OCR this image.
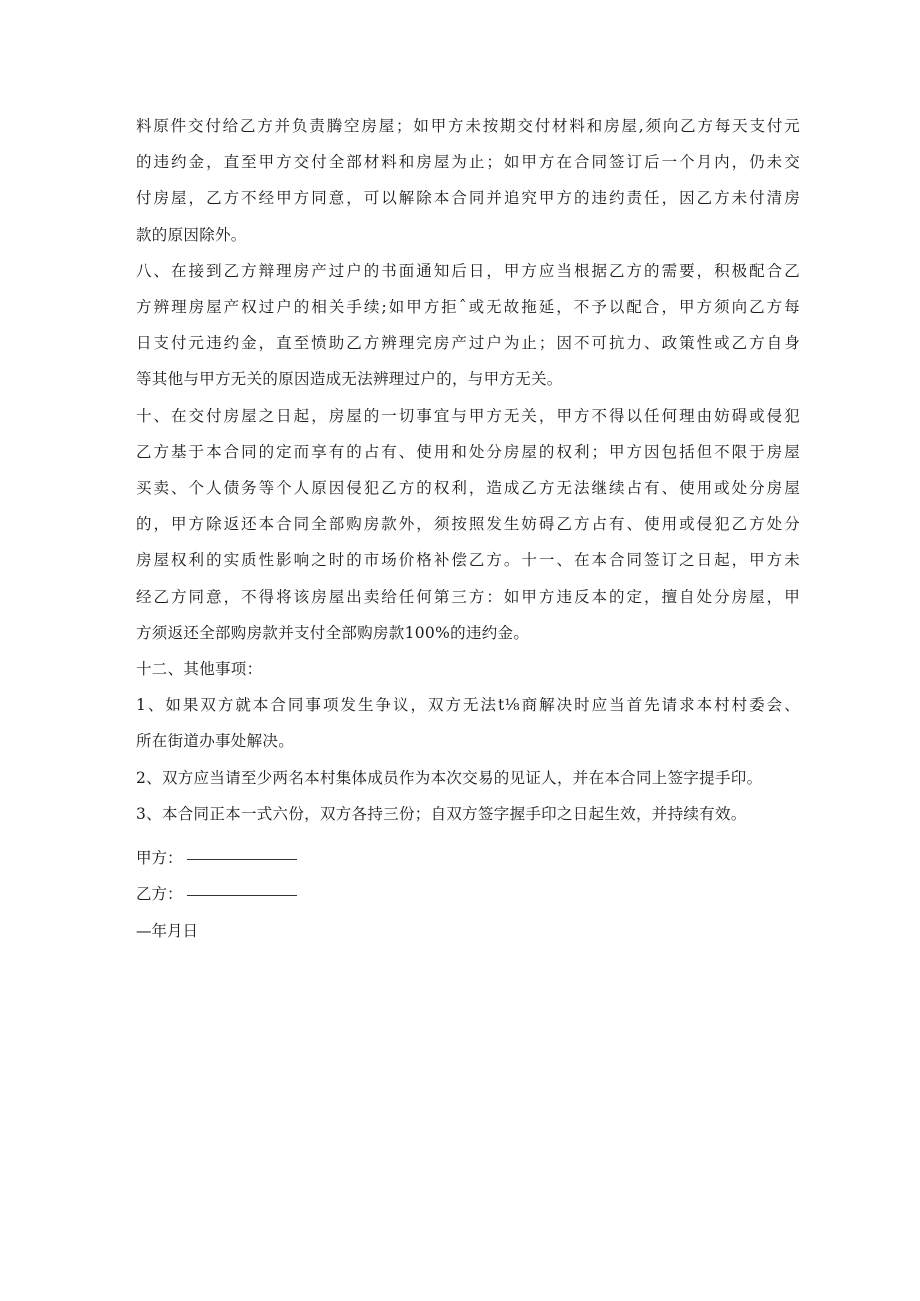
料原件交付给乙方并负责腾空房屋；如甲方未按期交付材料和房屋,须向乙方每天支付元
的违约金，直至甲方交付全部材料和房屋为止；如甲方在合同签订后一个月内，仍未交
付房屋，乙方不经甲方同意，可以解除本合同并追究甲方的违约责任，因乙方未付清房
款的原因除外。

八、在接到乙方辩理房产过户的书面通知后日，甲方应当根据乙方的需要，积极配合乙
方辨理房屋产权过户的相关手续;如甲方拒ˆ或无故拖延，不予以配合，甲方须向乙方每
日支付元违约金，直至愤助乙方辨理完房产过户为止；因不可抗力、政策性或乙方自身
等其他与甲方无关的原因造成无法辨理过户的，与甲方无关。

十、在交付房屋之日起，房屋的一切事宜与甲方无关，甲方不得以任何理由妨碍或侵犯
乙方基于本合同的定而享有的占有、使用和处分房屋的权利；甲方因包括但不限于房屋
买卖、个人债务等个人原因侵犯乙方的权利，造成乙方无法继续占有、使用或处分房屋
的，甲方除返还本合同全部购房款外，须按照发生妨碍乙方占有、使用或侵犯乙方处分
房屋权利的实质性影响之时的市场价格补偿乙方。十一、在本合同签订之日起，甲方未
经乙方同意，不得将该房屋出卖给任何第三方：如甲方违反本的定，擅自处分房屋，甲
方须返还全部购房款并支付全部购房款100%的违约金。

十二、其他事项：

1、如果双方就本合同事项发生争议，双方无法t⅛商解决时应当首先请求本村村委会、
所在街道办事处解决。

2、双方应当请至少两名本村集体成员作为本次交易的见证人，并在本合同上签字提手印。

3、本合同正本一式六份，双方各持三份；自双方签字握手印之日起生效，并持续有效。

甲方：
乙方：
—年月日
